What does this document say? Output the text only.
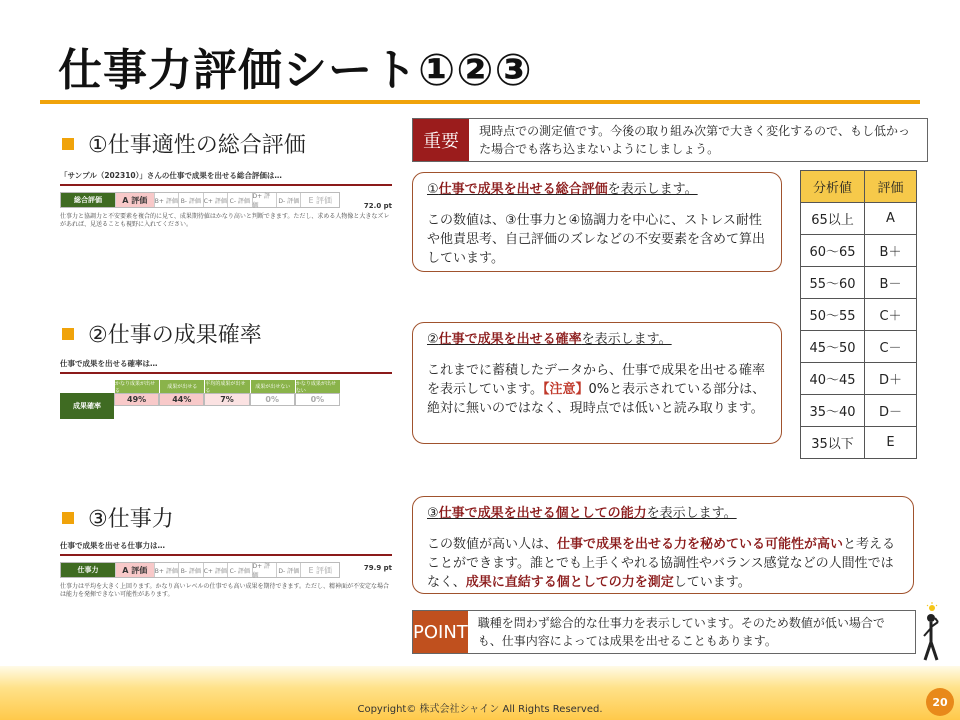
仕事力評価シート①②③
①仕事適性の総合評価
「サンプル（202310）」さんの仕事で成果を出せる総合評価は…
総合評価	A 評価	B+ 評価 B- 評価 C+ 評価 C- 評価
D+ 評価
D- 評価	E 評価
72.0 pt
仕事力と協調力と不安要素を複合的に見て、成果期待値はかなり高いと判断できます。ただし、求める人物像と大きなズレがあれば、見送ることも視野に入れてください。
②仕事の成果確率
仕事で成果を出せる確率は…
かなり成果が出せる
成果が出せる
平均的成果が出せる
成果が出せない
かなり成果が出せない
49%	44%	7%	0%	0%
成果確率
③仕事力
仕事で成果を出せる仕事力は…
仕事力	A 評価	B+ 評価 B- 評価 C+ 評価 C- 評価
D+ 評価
D- 評価	E 評価	79.9 pt
仕事力は平均を大きく上回ります。かなり高いレベルの仕事でも高い成果を期待できます。ただし、精神面が不安定な場合は能力を発揮できない可能性があります。
重要	現時点での測定値です。今後の取り組み次第で大きく変化するので、もし低かった場合でも落ち込まないようにしましょう。
①仕事で成果を出せる総合評価を表示します。
この数値は、③仕事力と④協調力を中心に、ストレス耐性や他責思考、自己評価のズレなどの不安要素を含めて算出しています。
②仕事で成果を出せる確率を表示します。
これまでに蓄積したデータから、仕事で成果を出せる確率を表示しています。【注意】0%と表示されている部分は、絶対に無いのではなく、現時点では低いと読み取ります。
分析値	評価
65以上	A
60～65	B＋
55～60	B－
50～55	C＋
45～50	C－
40～45	D＋
35～40	D－
35以下	E
③仕事で成果を出せる個としての能力を表示します。
この数値が高い人は、仕事で成果を出せる力を秘めている可能性が高いと考えることができます。誰とでも上手くやれる協調性やバランス感覚などの人間性ではなく、成果に直結する個としての力を測定しています。
POINT 職種を問わず総合的な仕事力を表示しています。そのため数値が低い場合でも、仕事内容によっては成果を出せることもあります。
Copyright© 株式会社シャイン All Rights Reserved.
20
